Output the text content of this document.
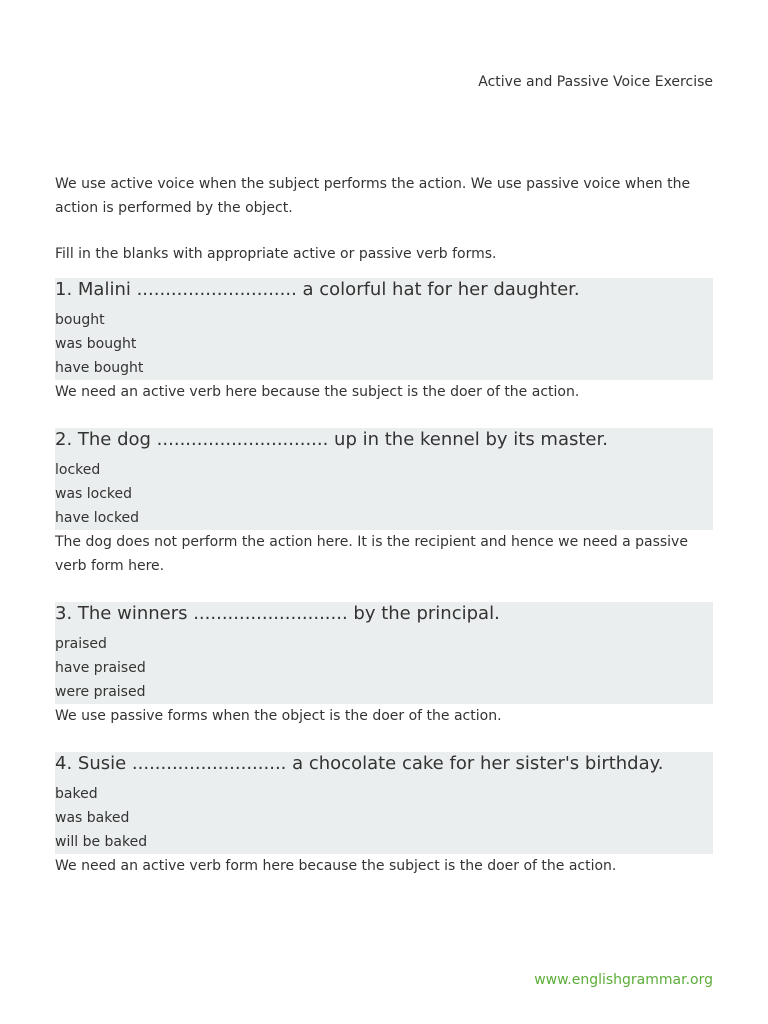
Active and Passive Voice Exercise

We use active voice when the subject performs the action. We use passive voice when the action is performed by the object.

Fill in the blanks with appropriate active or passive verb forms.

1. Malini ............................ a colorful hat for her daughter.
bought
was bought
have bought

We need an active verb here because the subject is the doer of the action.

2. The dog .............................. up in the kennel by its master.
locked
was locked
have locked

The dog does not perform the action here. It is the recipient and hence we need a passive verb form here.

3. The winners ........................... by the principal.
praised
have praised
were praised

We use passive forms when the object is the doer of the action.

4. Susie ........................... a chocolate cake for her sister's birthday.
baked
was baked
will be baked

We need an active verb form here because the subject is the doer of the action.

www.englishgrammar.org
